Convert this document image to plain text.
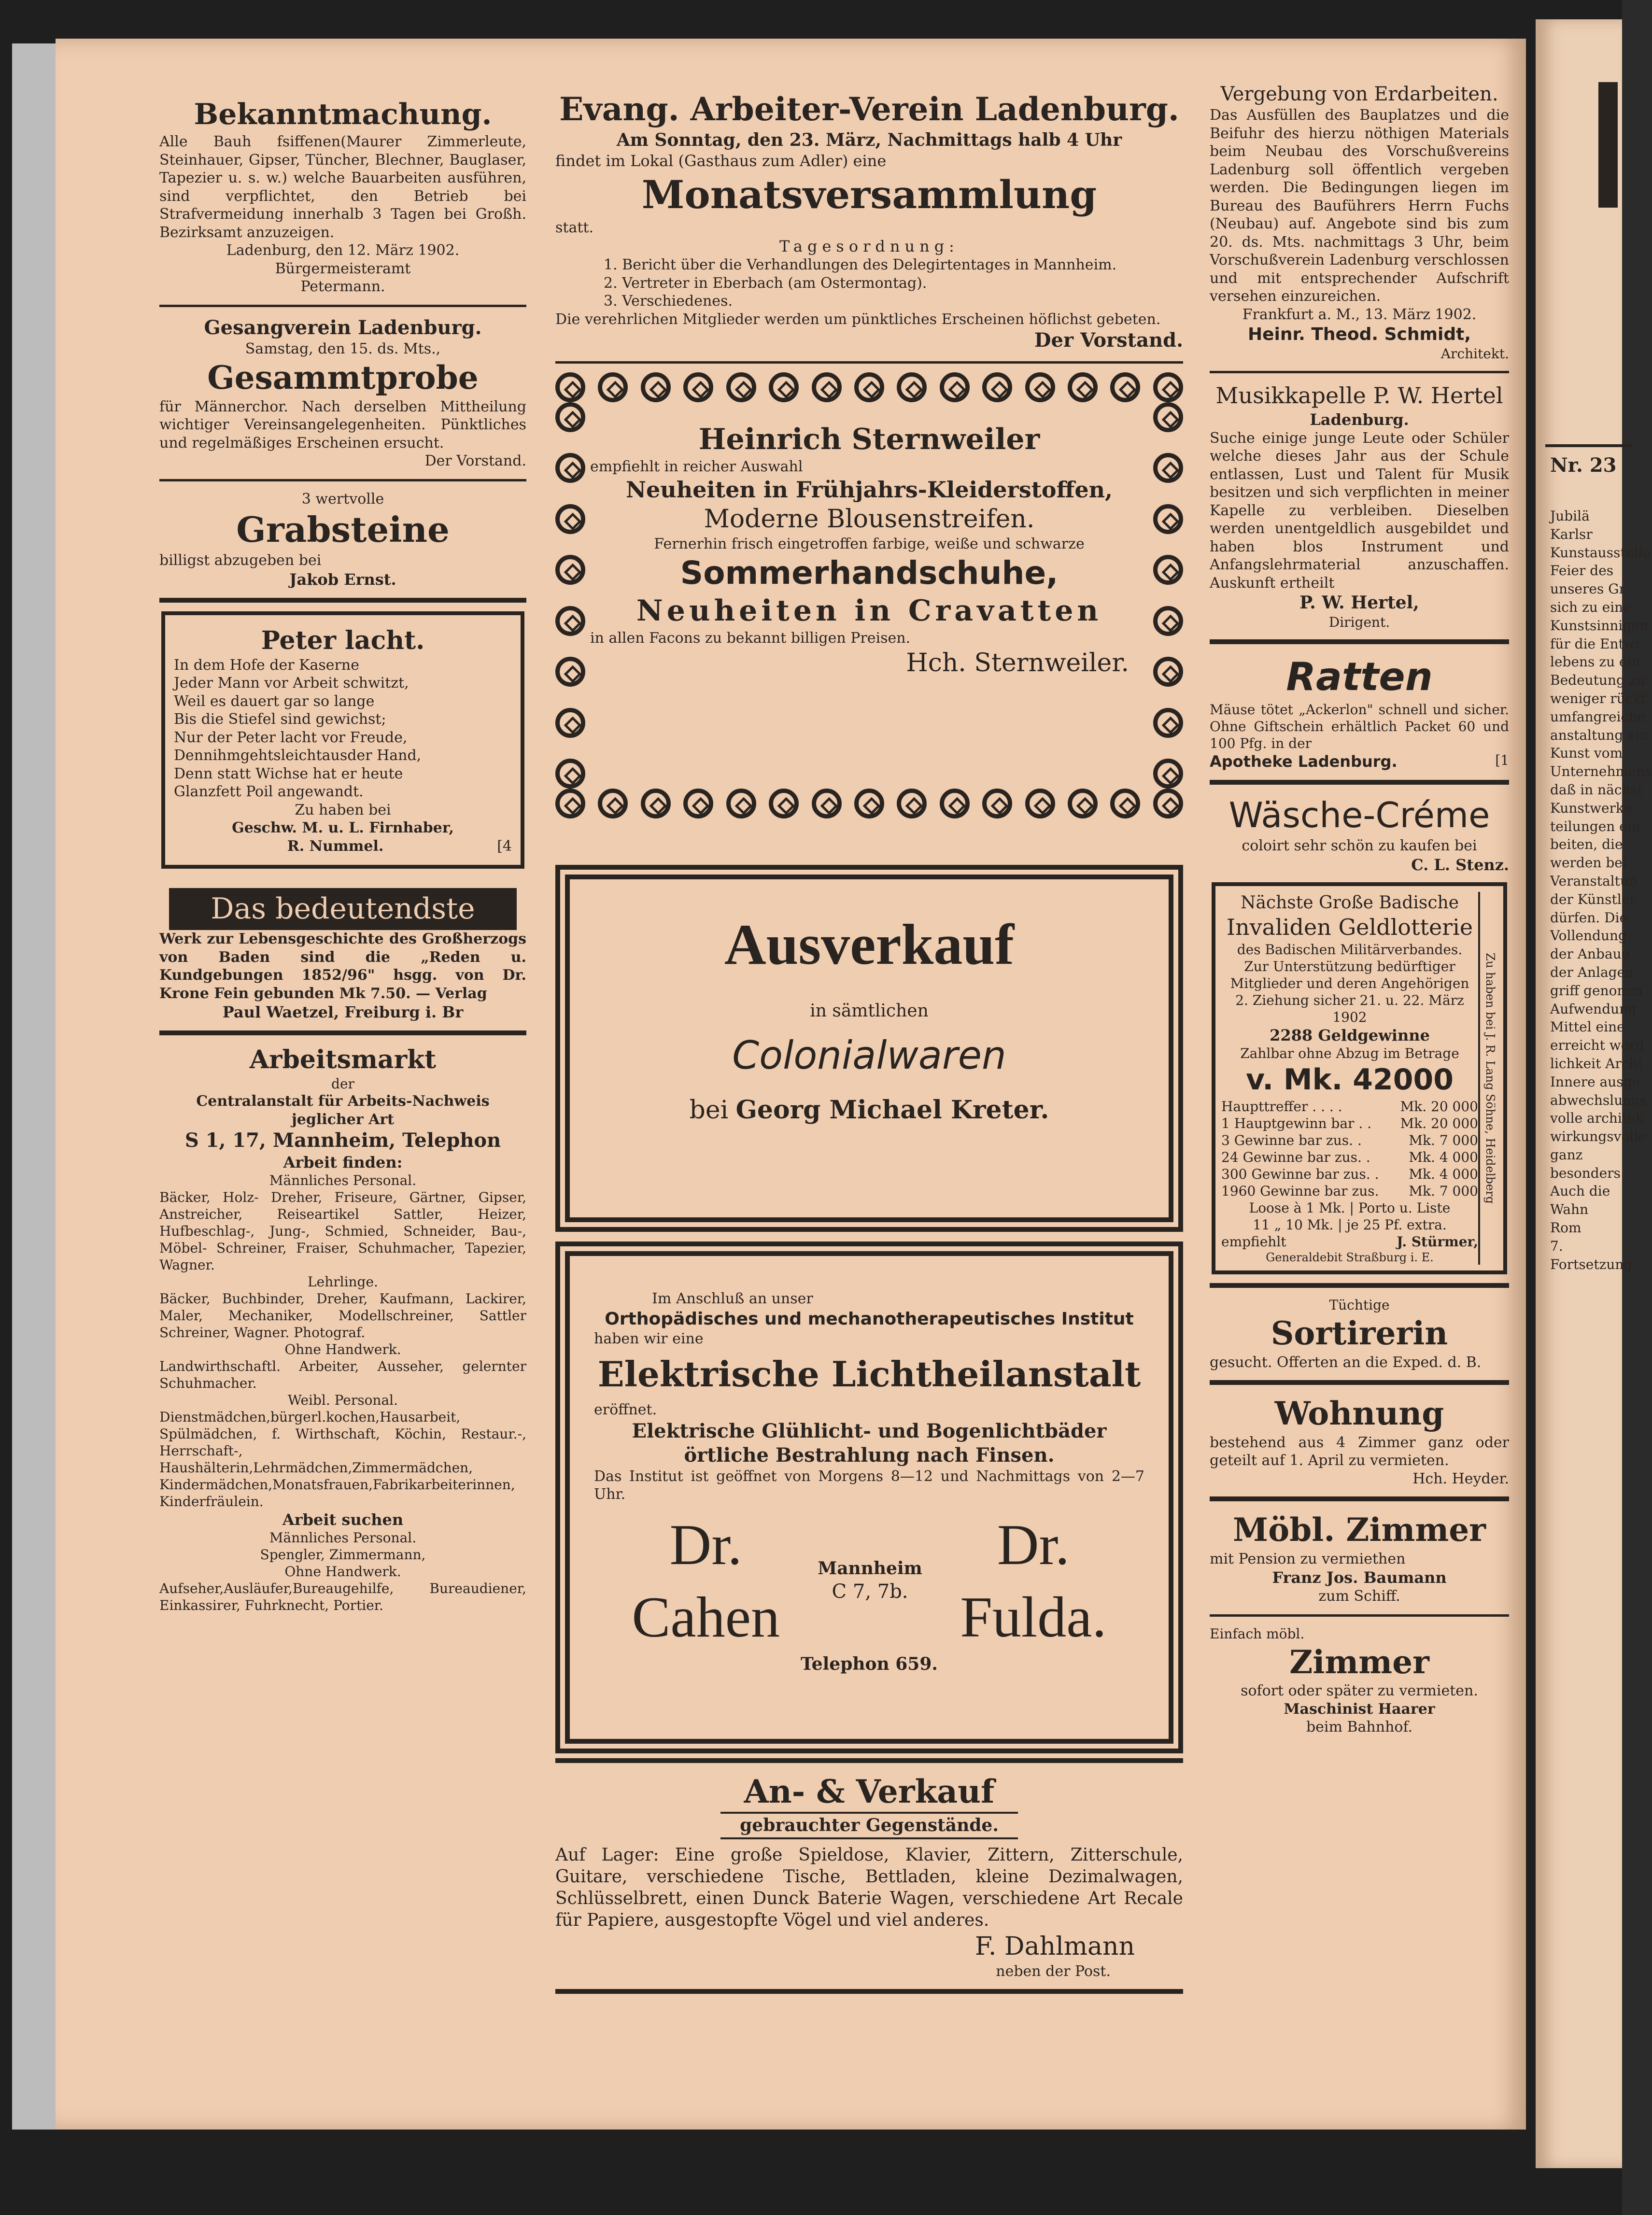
Bekanntmachung.
Alle Bauh fsiffenen(Maurer Zimmerleute, Steinhauer, Gipser, Tüncher, Blechner, Bauglaser, Tapezier u. s. w.) welche Bauarbeiten ausführen, sind verpflichtet, den Betrieb bei Strafvermeidung innerhalb 3 Tagen bei Großh. Bezirksamt anzuzeigen.
Ladenburg, den 12. März 1902.
Bürgermeisteramt
Petermann.
Gesangverein Ladenburg.
Samstag, den 15. ds. Mts.,
Gesammtprobe
für Männerchor. Nach derselben Mittheilung wichtiger Vereinsangelegenheiten. Pünktliches und regelmäßiges Erscheinen ersucht.
Der Vorstand.
3 wertvolle
Grabsteine
billigst abzugeben bei
Jakob Ernst.
Peter lacht.
In dem Hofe der Kaserne
Jeder Mann vor Arbeit schwitzt,
Weil es dauert gar so lange
Bis die Stiefel sind gewichst;
Nur der Peter lacht vor Freude,
Dennihmgehtsleichtausder Hand,
Denn statt Wichse hat er heute
Glanzfett Poil angewandt.
Zu haben bei
Geschw. M. u. L. Firnhaber,
R. Nummel.	[4
Das bedeutendste
Werk zur Lebensgeschichte des Großherzogs von Baden sind die „Reden u. Kundgebungen 1852/96" hsgg. von Dr. Krone Fein gebunden Mk 7.50. — Verlag
Paul Waetzel, Freiburg i. Br
Arbeitsmarkt
der
Centralanstalt für Arbeits-Nachweis
jeglicher Art
S 1, 17, Mannheim, Telephon
Arbeit finden:
Männliches Personal.
Bäcker, Holz- Dreher, Friseure, Gärtner, Gipser, Anstreicher, Reiseartikel Sattler, Heizer, Hufbeschlag-, Jung-, Schmied, Schneider, Bau-, Möbel- Schreiner, Fraiser, Schuhmacher, Tapezier, Wagner.
Lehrlinge.
Bäcker, Buchbinder, Dreher, Kaufmann, Lackirer, Maler, Mechaniker, Modellschreiner, Sattler Schreiner, Wagner. Photograf.
Ohne Handwerk.
Landwirthschaftl. Arbeiter, Ausseher, gelernter Schuhmacher.
Weibl. Personal.
Dienstmädchen,bürgerl.kochen,Hausarbeit, Spülmädchen, f. Wirthschaft, Köchin, Restaur.-, Herrschaft-, Haushälterin,Lehrmädchen,Zimmermädchen, Kindermädchen,Monatsfrauen,Fabrikarbeiterinnen, Kinderfräulein.
Arbeit suchen
Männliches Personal.
Spengler, Zimmermann,
Ohne Handwerk.
Aufseher,Ausläufer,Bureaugehilfe, Bureaudiener, Einkassirer, Fuhrknecht, Portier.
Evang. Arbeiter-Verein Ladenburg.
Am Sonntag, den 23. März, Nachmittags halb 4 Uhr
findet im Lokal (Gasthaus zum Adler) eine
Monatsversammlung
statt.
Tagesordnung:
1. Bericht über die Verhandlungen des Delegirtentages in Mannheim.
2. Vertreter in Eberbach (am Ostermontag).
3. Verschiedenes.
Die verehrlichen Mitglieder werden um pünktliches Erscheinen höflichst gebeten.
Der Vorstand.
Heinrich Sternweiler
empfiehlt in reicher Auswahl
Neuheiten in Frühjahrs-Kleiderstoffen,
Moderne Blousenstreifen.
Fernerhin frisch eingetroffen farbige, weiße und schwarze
Sommerhandschuhe,
Neuheiten in Cravatten
in allen Facons zu bekannt billigen Preisen.
Hch. Sternweiler.
Ausverkauf
in sämtlichen
Colonialwaren
bei Georg Michael Kreter.
Im Anschluß an unser
Orthopädisches und mechanotherapeutisches Institut
haben wir eine
Elektrische Lichtheilanstalt
eröffnet.
Elektrische Glühlicht- und Bogenlichtbäder
örtliche Bestrahlung nach Finsen.
Das Institut ist geöffnet von Morgens 8—12 und Nachmittags von 2—7 Uhr.
Dr. Cahen
Mannheim
C 7, 7b.
Dr. Fulda.
Telephon 659.
An- & Verkauf
gebrauchter Gegenstände.
Auf Lager: Eine große Spieldose, Klavier, Zittern, Zitterschule, Guitare, verschiedene Tische, Bettladen, kleine Dezimalwagen, Schlüsselbrett, einen Dunck Baterie Wagen, verschiedene Art Recale für Papiere, ausgestopfte Vögel und viel anderes.
F. Dahlmann
neben der Post.
Vergebung von Erdarbeiten.
Das Ausfüllen des Bauplatzes und die Beifuhr des hierzu nöthigen Materials beim Neubau des Vorschußvereins Ladenburg soll öffentlich vergeben werden. Die Bedingungen liegen im Bureau des Bauführers Herrn Fuchs (Neubau) auf. Angebote sind bis zum 20. ds. Mts. nachmittags 3 Uhr, beim Vorschußverein Ladenburg verschlossen und mit entsprechender Aufschrift versehen einzureichen.
Frankfurt a. M., 13. März 1902.
Heinr. Theod. Schmidt,
Architekt.
Musikkapelle P. W. Hertel
Ladenburg.
Suche einige junge Leute oder Schüler welche dieses Jahr aus der Schule entlassen, Lust und Talent für Musik besitzen und sich verpflichten in meiner Kapelle zu verbleiben. Dieselben werden unentgeldlich ausgebildet und haben blos Instrument und Anfangslehrmaterial anzuschaffen. Auskunft ertheilt
P. W. Hertel,
Dirigent.
Ratten
Mäuse tötet „Ackerlon" schnell und sicher. Ohne Giftschein erhältlich Packet 60 und 100 Pfg. in der
Apotheke Ladenburg.	[1
Wäsche-Créme
coloirt sehr schön zu kaufen bei
C. L. Stenz.
Nächste Große Badische
Invaliden Geldlotterie
des Badischen Militärverbandes.
Zur Unterstützung bedürftiger Mitglieder und deren Angehörigen
2. Ziehung sicher 21. u. 22. März 1902
2288 Geldgewinne
Zahlbar ohne Abzug im Betrage
v. Mk. 42000
Haupttreffer . . . .	Mk. 20 000
1 Hauptgewinn bar . . Mk. 20 000
3 Gewinne bar zus. .	Mk. 7 000
24 Gewinne bar zus. .	Mk. 4 000
300 Gewinne bar zus. . Mk. 4 000
1960 Gewinne bar zus. Mk. 7 000
Loose à 1 Mk. | Porto u. Liste
11 „ 10 Mk. | je 25 Pf. extra.
empfiehlt	J. Stürmer,
Generaldebit Straßburg i. E.
Zu haben bei J. R. Lang Söhne, Heidelberg
Tüchtige
Sortirerin
gesucht. Offerten an die Exped. d. B.
Wohnung
bestehend aus 4 Zimmer ganz oder geteilt auf 1. April zu vermieten.
Hch. Heyder.
Möbl. Zimmer
mit Pension zu vermiethen
Franz Jos. Baumann
zum Schiff.
Einfach möbl.
Zimmer
sofort oder später zu vermieten.
Maschinist Haarer
beim Bahnhof.
Nr. 23
Jubilä
Karlsr
Kunstausstellu
Feier des
unseres Gr
sich zu eine
Kunstsinnigen
für die Entwi
lebens zu ein
Bedeutung zu
weniger rückt
umfangreiche
anstaltung ein
Kunst vom
Unternehmens
daß in nächst
Kunstwerke
teilungen ein
beiten, die
werden bei
Veranstaltun
der Künstler
dürfen. Die
Vollendung
der Anbaue
der Anlagen
griff genomm
Aufwendung
Mittel eine
erreicht word
lichkeit Archi
Innere ausge
abwechslungs
volle architek
wirkungsvolle
ganz besonders
Auch die
Wahn
Rom
7. Fortsetzung.
